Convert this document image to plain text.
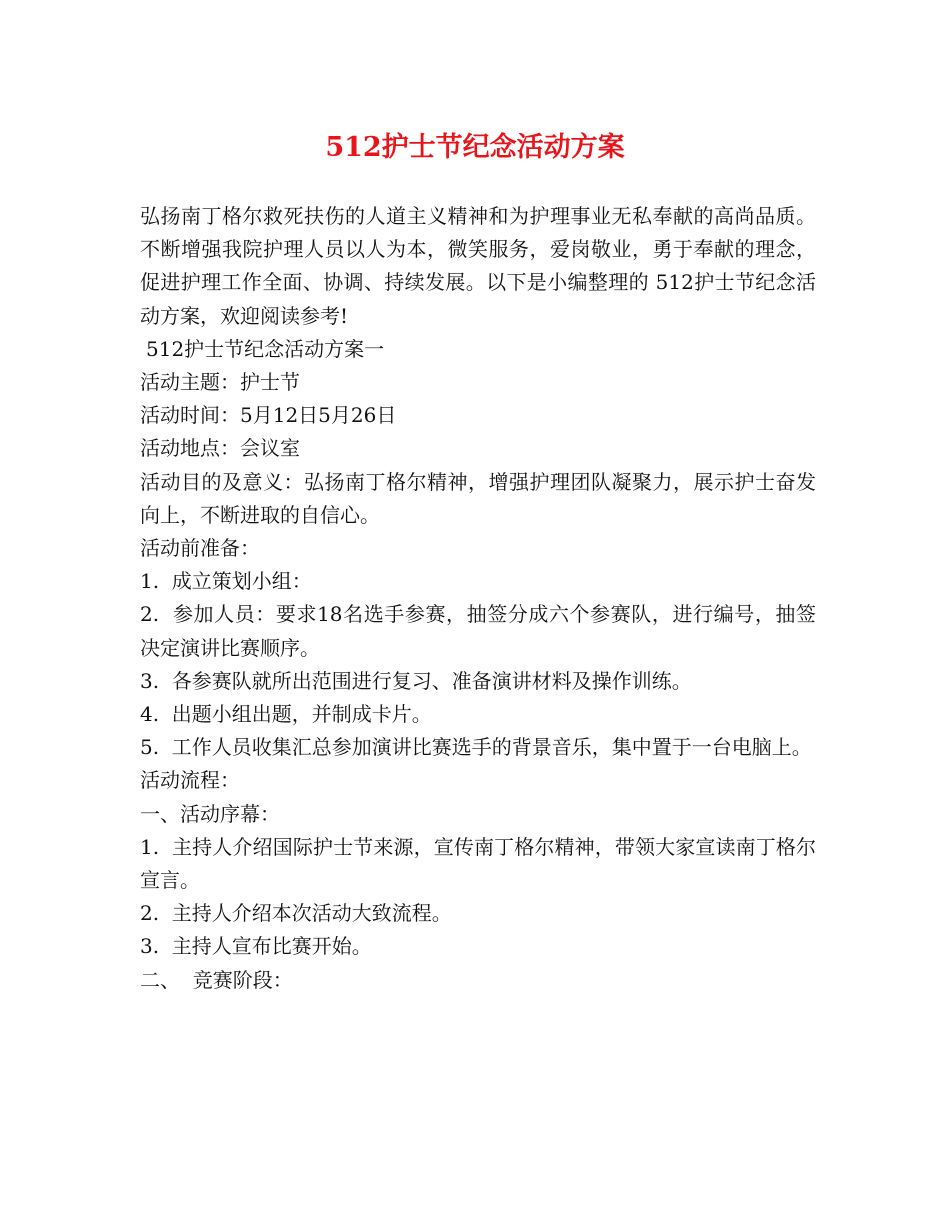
512护士节纪念活动方案

弘扬南丁格尔救死扶伤的人道主义精神和为护理事业无私奉献的高尚品质。不断增强我院护理人员以人为本，微笑服务，爱岗敬业，勇于奉献的理念，促进护理工作全面、协调、持续发展。以下是小编整理的 512护士节纪念活动方案，欢迎阅读参考!

512护士节纪念活动方案一

活动主题：护士节

活动时间：5月12日5月26日

活动地点：会议室

活动目的及意义：弘扬南丁格尔精神，增强护理团队凝聚力，展示护士奋发向上，不断进取的自信心。

活动前准备：

1.  成立策划小组：

2.  参加人员：要求18名选手参赛，抽签分成六个参赛队，进行编号，抽签决定演讲比赛顺序。

3.  各参赛队就所出范围进行复习、准备演讲材料及操作训练。

4.  出题小组出题，并制成卡片。

5.  工作人员收集汇总参加演讲比赛选手的背景音乐，集中置于一台电脑上。

活动流程：

一、活动序幕：

1.  主持人介绍国际护士节来源，宣传南丁格尔精神，带领大家宣读南丁格尔宣言。

2.  主持人介绍本次活动大致流程。

3.  主持人宣布比赛开始。

二、  竞赛阶段：
